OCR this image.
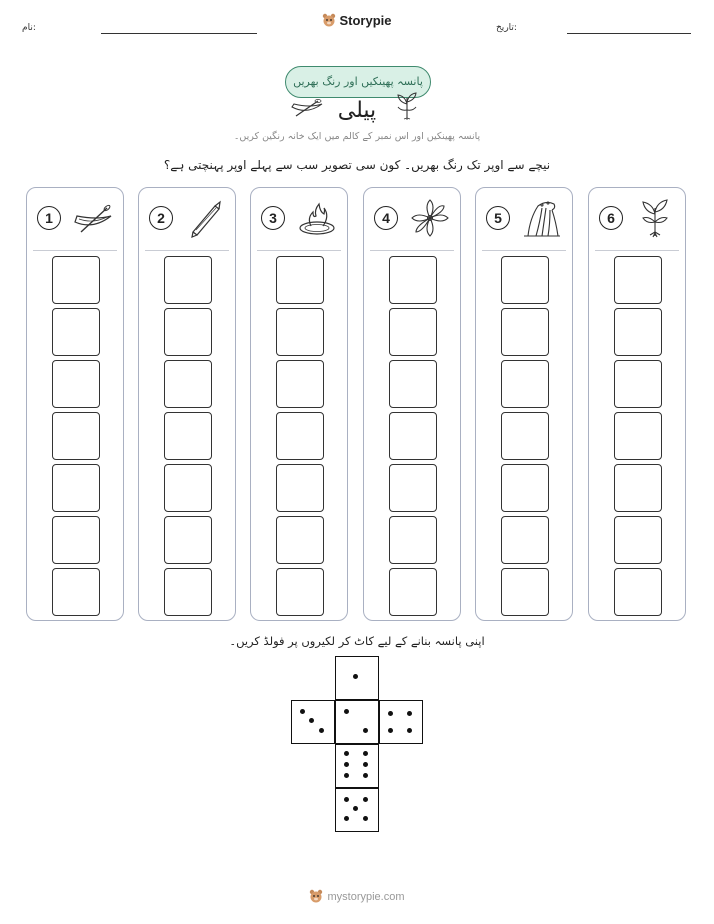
نام:	Storypie	تاریخ:
پانسہ پھینکیں اور رنگ بھریں
پیلی
پانسہ پھینکیں اور اس نمبر کے کالم میں ایک خانہ رنگین کریں۔
نیچے سے اوپر تک رنگ بھریں۔ کون سی تصویر سب سے پہلے اوپر پہنچتی ہے؟
1	2	3	4	5	6
اپنی پانسہ بنانے کے لیے کاٹ کر لکیروں پر فولڈ کریں۔
mystorypie.com
